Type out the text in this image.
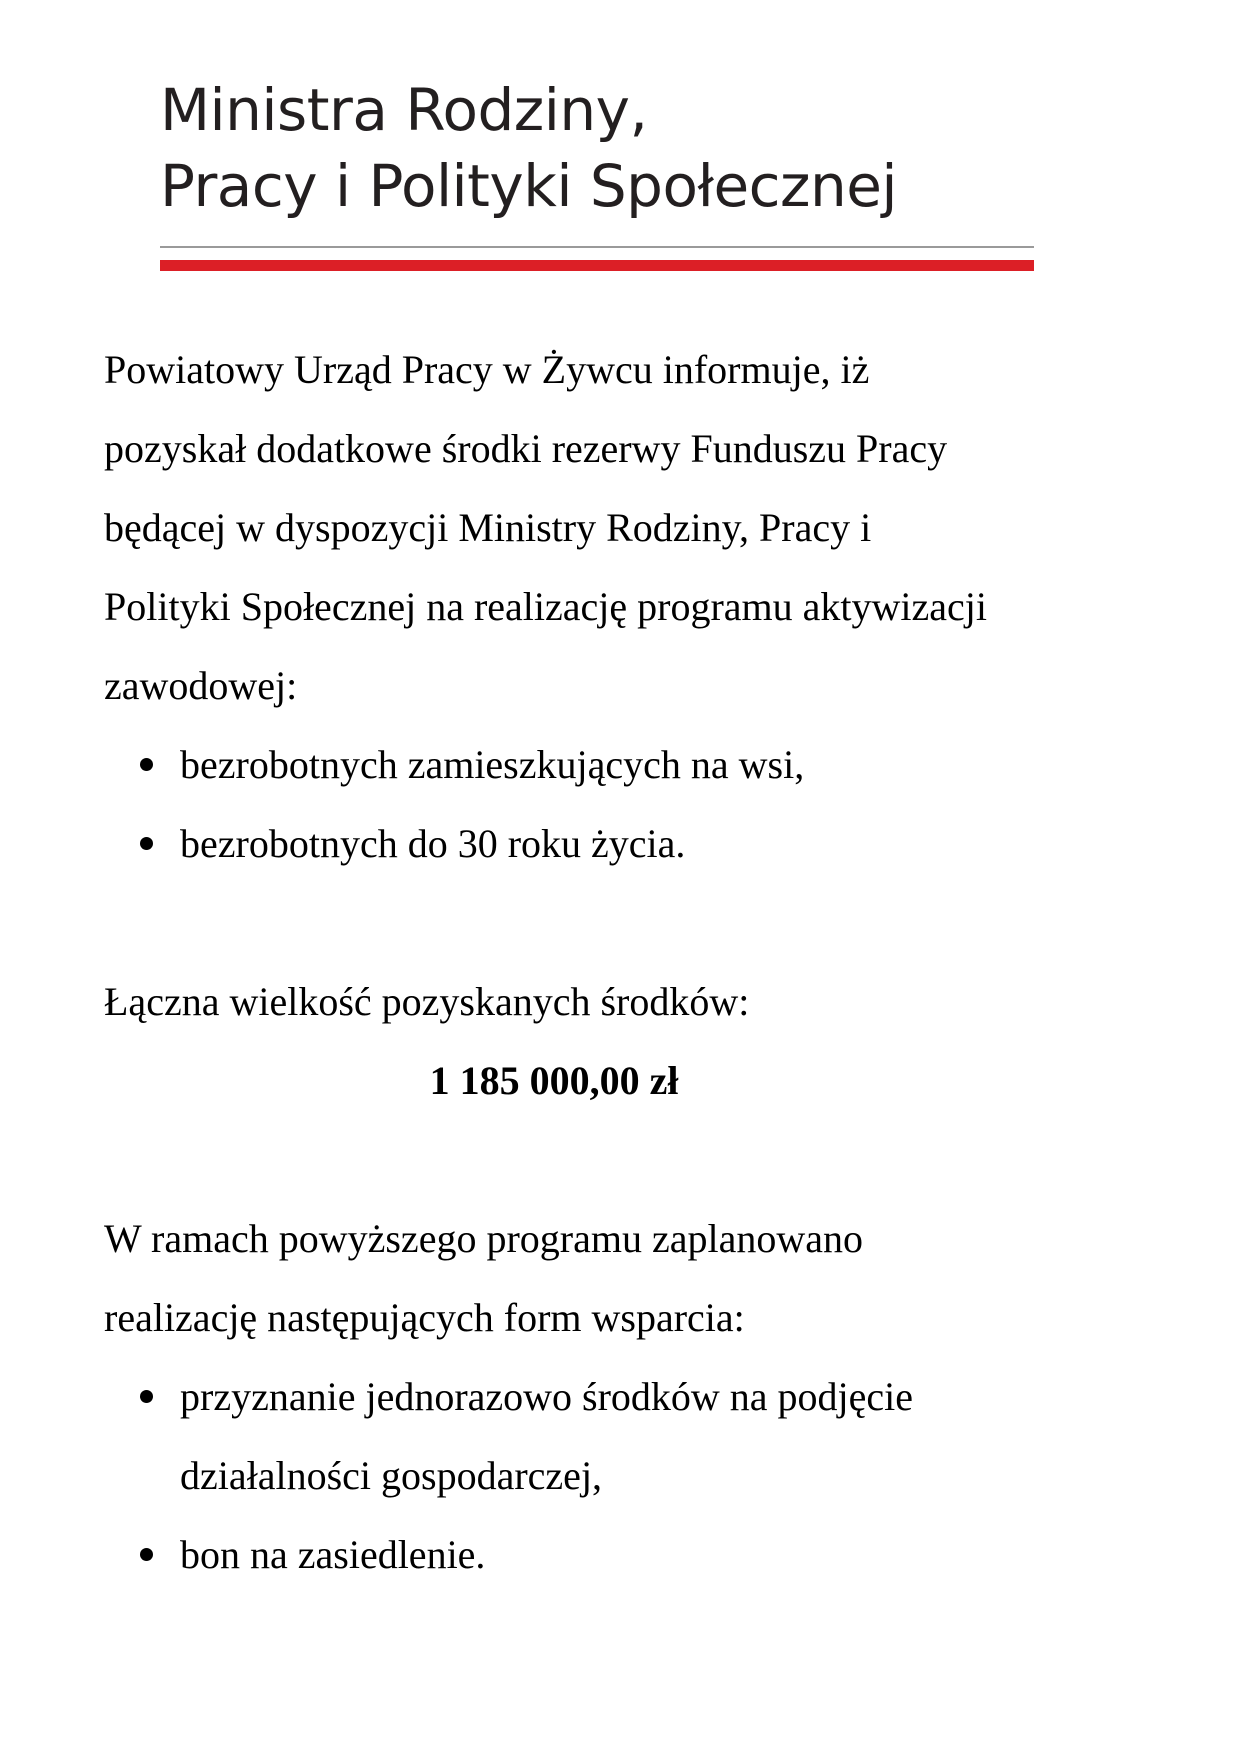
Ministra Rodziny,
Pracy i Polityki Społecznej

Powiatowy Urząd Pracy w Żywcu informuje, iż

pozyskał dodatkowe środki rezerwy Funduszu Pracy

będącej w dyspozycji Ministry Rodziny, Pracy i

Polityki Społecznej na realizację programu aktywizacji

zawodowej:

bezrobotnych zamieszkujących na wsi,
bezrobotnych do 30 roku życia.

Łączna wielkość pozyskanych środków:

1 185 000,00 zł

W ramach powyższego programu zaplanowano

realizację następujących form wsparcia:

przyznanie jednorazowo środków na podjęcie
działalności gospodarczej,
bon na zasiedlenie.
